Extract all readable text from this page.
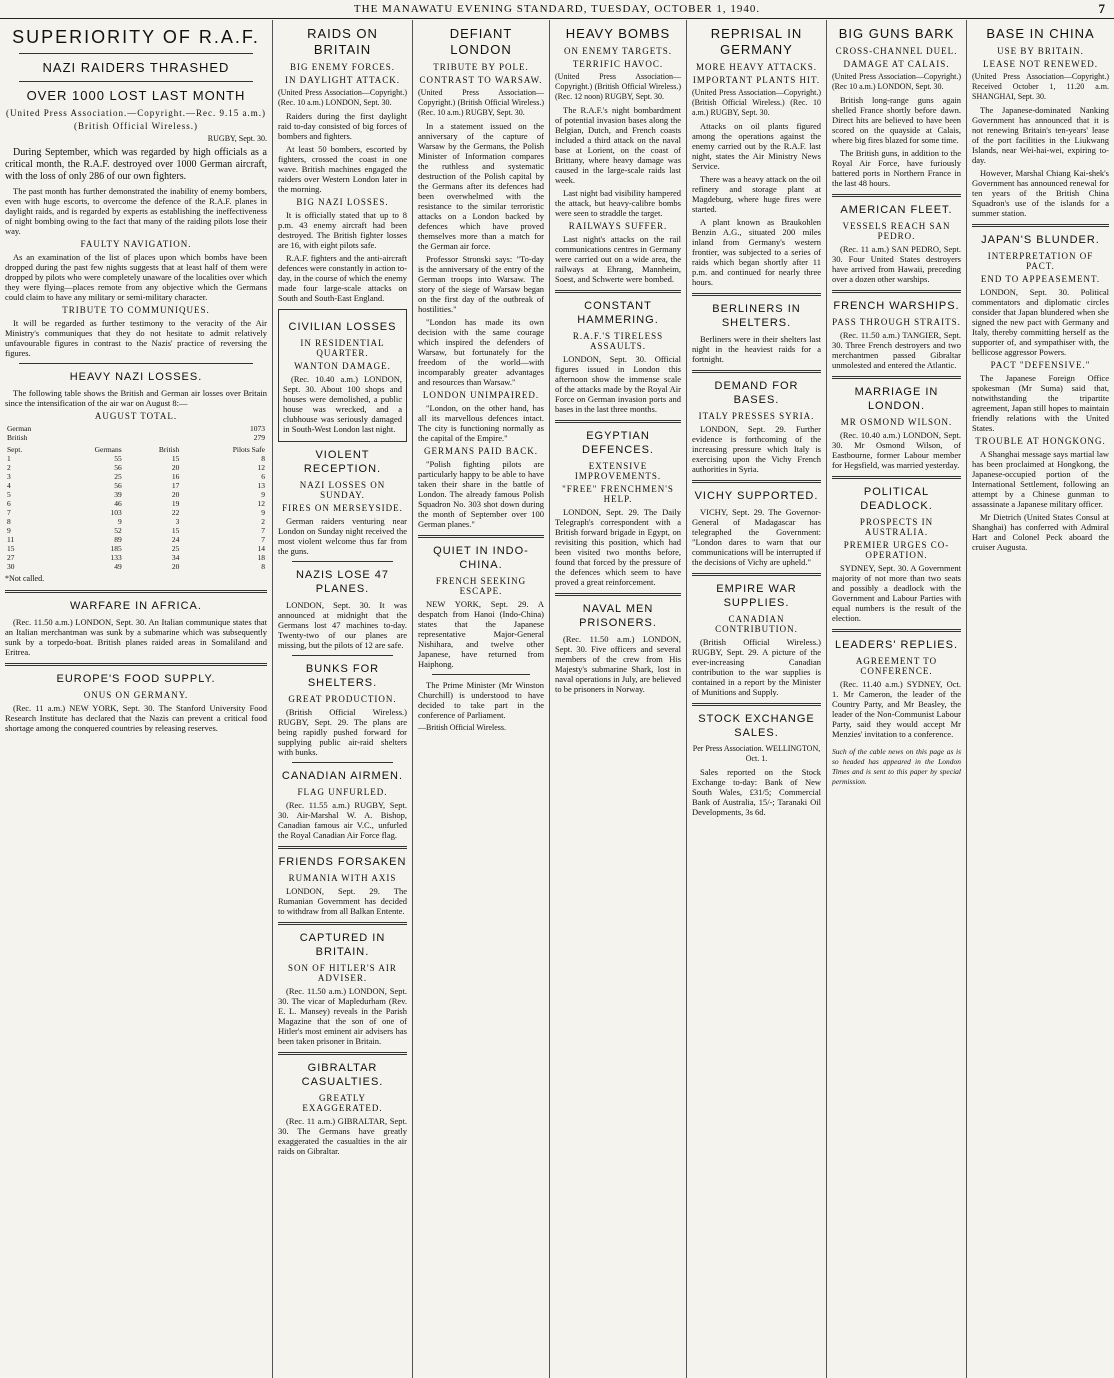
THE MANAWATU EVENING STANDARD, TUESDAY, OCTOBER 1, 1940.	7
SUPERIORITY OF R.A.F.
NAZI RAIDERS THRASHED
OVER 1000 LOST LAST MONTH
(United Press Association.—Copyright.—Rec. 9.15 a.m.)
(British Official Wireless.)
RUGBY, Sept. 30.

During September, which was regarded by high officials as a critical month, the R.A.F. destroyed over 1000 German aircraft, with the loss of only 286 of our own fighters.

The past month has further demonstrated the inability of enemy bombers, even with huge escorts, to overcome the defence of the R.A.F. planes in daylight raids, and is regarded by experts as establishing the ineffectiveness of night bombing owing to the fact that many of the raiding pilots lose their way.

FAULTY NAVIGATION.

As an examination of the list of places upon which bombs have been dropped during the past few nights suggests that at least half of them were dropped by pilots who were completely unaware of the localities over which they were flying—places remote from any objective which the Germans could claim to have any military or semi-military character.

TRIBUTE TO COMMUNIQUES.

It will be regarded as further testimony to the veracity of the Air Ministry's communiques that they do not hesitate to admit relatively unfavourable figures in contrast to the Nazis' practice of reversing the figures.

HEAVY NAZI LOSSES.

The following table shows the British and German air losses over Britain since the intensification of the air war on August 8:—

AUGUST TOTAL.
German	1073
British	279
Sept.	Germans	British	Pilots Safe
1	55	15	8
2	56	20	12
3	25	16	6
4	56	17	13
5	39	20	9
6	46	19	12
7	103	22	9
8	9	3	2
9	52	15	7
11	89	24	7
15	185	25	14
27	133	34	18
30	49	20	8
*Not called.
WARFARE IN AFRICA.

(Rec. 11.50 a.m.) LONDON, Sept. 30. An Italian communique states that an Italian merchantman was sunk by a submarine which was subsequently sunk by a torpedo-boat. British planes raided areas in Somaliland and Eritrea.

EUROPE'S FOOD SUPPLY.
ONUS ON GERMANY.

(Rec. 11 a.m.) NEW YORK, Sept. 30. The Stanford University Food Research Institute has declared that the Nazis can prevent a critical food shortage among the conquered countries by releasing reserves.

RAIDS ON BRITAIN
BIG ENEMY FORCES.
IN DAYLIGHT ATTACK.
(United Press Association—Copyright.) (Rec. 10 a.m.) LONDON, Sept. 30.

Raiders during the first daylight raid to-day consisted of big forces of bombers and fighters.

At least 50 bombers, escorted by fighters, crossed the coast in one wave. British machines engaged the raiders over Western London later in the morning.

BIG NAZI LOSSES.

It is officially stated that up to 8 p.m. 43 enemy aircraft had been destroyed. The British fighter losses are 16, with eight pilots safe.

R.A.F. fighters and the anti-aircraft defences were constantly in action to-day, in the course of which the enemy made four large-scale attacks on South and South-East England.

CIVILIAN LOSSES
IN RESIDENTIAL QUARTER.
WANTON DAMAGE.

(Rec. 10.40 a.m.) LONDON, Sept. 30. About 100 shops and houses were demolished, a public house was wrecked, and a clubhouse was seriously damaged in South-West London last night.

VIOLENT RECEPTION.
NAZI LOSSES ON SUNDAY.
FIRES ON MERSEYSIDE.

German raiders venturing near London on Sunday night received the most violent welcome thus far from the guns.

NAZIS LOSE 47 PLANES.

LONDON, Sept. 30. It was announced at midnight that the Germans lost 47 machines to-day. Twenty-two of our planes are missing, but the pilots of 12 are safe.

BUNKS FOR SHELTERS.
GREAT PRODUCTION.

(British Official Wireless.) RUGBY, Sept. 29. The plans are being rapidly pushed forward for supplying public air-raid shelters with bunks.

CANADIAN AIRMEN.
FLAG UNFURLED.

(Rec. 11.55 a.m.) RUGBY, Sept. 30. Air-Marshal W. A. Bishop, Canadian famous air V.C., unfurled the Royal Canadian Air Force flag.

FRIENDS FORSAKEN
RUMANIA WITH AXIS

LONDON, Sept. 29. The Rumanian Government has decided to withdraw from all Balkan Entente.

CAPTURED IN BRITAIN.
SON OF HITLER'S AIR ADVISER.

(Rec. 11.50 a.m.) LONDON, Sept. 30. The vicar of Mapledurham (Rev. E. L. Mansey) reveals in the Parish Magazine that the son of one of Hitler's most eminent air advisers has been taken prisoner in Britain.

GIBRALTAR CASUALTIES.
GREATLY EXAGGERATED.

(Rec. 11 a.m.) GIBRALTAR, Sept. 30. The Germans have greatly exaggerated the casualties in the air raids on Gibraltar.

DEFIANT LONDON
TRIBUTE BY POLE.
CONTRAST TO WARSAW.
(United Press Association—Copyright.) (British Official Wireless.) (Rec. 10 a.m.) RUGBY, Sept. 30.

In a statement issued on the anniversary of the capture of Warsaw by the Germans, the Polish Minister of Information compares the ruthless and systematic destruction of the Polish capital by the Germans after its defences had been overwhelmed with the resistance to the similar terroristic attacks on a London backed by defences which have proved themselves more than a match for the German air force.

Professor Stronski says: "To-day is the anniversary of the entry of the German troops into Warsaw. The story of the siege of Warsaw began on the first day of the outbreak of hostilities."

"London has made its own decision with the same courage which inspired the defenders of Warsaw, but fortunately for the freedom of the world—with incomparably greater advantages and resources than Warsaw."

LONDON UNIMPAIRED.

"London, on the other hand, has all its marvellous defences intact. The city is functioning normally as the capital of the Empire."

GERMANS PAID BACK.

"Polish fighting pilots are particularly happy to be able to have taken their share in the battle of London. The already famous Polish Squadron No. 303 shot down during the month of September over 100 German planes."

QUIET IN INDO-CHINA.
FRENCH SEEKING ESCAPE.

NEW YORK, Sept. 29. A despatch from Hanoi (Indo-China) states that the Japanese representative Major-General Nishihara, and twelve other Japanese, have returned from Haiphong.

The Prime Minister (Mr Winston Churchill) is understood to have decided to take part in the conference of Parliament.

—British Official Wireless.
HEAVY BOMBS
ON ENEMY TARGETS.
TERRIFIC HAVOC.
(United Press Association—Copyright.) (British Official Wireless.) (Rec. 12 noon) RUGBY, Sept. 30.

The R.A.F.'s night bombardment of potential invasion bases along the Belgian, Dutch, and French coasts included a third attack on the naval base at Lorient, on the coast of Brittany, where heavy damage was caused in the large-scale raids last week.

Last night bad visibility hampered the attack, but heavy-calibre bombs were seen to straddle the target.

RAILWAYS SUFFER.

Last night's attacks on the rail communications centres in Germany were carried out on a wide area, the railways at Ehrang, Mannheim, Soest, and Schwerte were bombed.

CONSTANT HAMMERING.
R.A.F.'S TIRELESS ASSAULTS.

LONDON, Sept. 30. Official figures issued in London this afternoon show the immense scale of the attacks made by the Royal Air Force on German invasion ports and bases in the last three months.

EGYPTIAN DEFENCES.
EXTENSIVE IMPROVEMENTS.
"FREE" FRENCHMEN'S HELP.

LONDON, Sept. 29. The Daily Telegraph's correspondent with a British forward brigade in Egypt, on revisiting this position, which had been visited two months before, found that forced by the pressure of the defences which seem to have proved a great reinforcement.

NAVAL MEN PRISONERS.

(Rec. 11.50 a.m.) LONDON, Sept. 30. Five officers and several members of the crew from His Majesty's submarine Shark, lost in naval operations in July, are believed to be prisoners in Norway.

REPRISAL IN GERMANY
MORE HEAVY ATTACKS.
IMPORTANT PLANTS HIT.
(United Press Association—Copyright.) (British Official Wireless.) (Rec. 10 a.m.) RUGBY, Sept. 30.

Attacks on oil plants figured among the operations against the enemy carried out by the R.A.F. last night, states the Air Ministry News Service.

There was a heavy attack on the oil refinery and storage plant at Magdeburg, where huge fires were started.

A plant known as Braukohlen Benzin A.G., situated 200 miles inland from Germany's western frontier, was subjected to a series of raids which began shortly after 11 p.m. and continued for nearly three hours.

BERLINERS IN SHELTERS.

Berliners were in their shelters last night in the heaviest raids for a fortnight.

DEMAND FOR BASES.
ITALY PRESSES SYRIA.

LONDON, Sept. 29. Further evidence is forthcoming of the increasing pressure which Italy is exercising upon the Vichy French authorities in Syria.

VICHY SUPPORTED.

VICHY, Sept. 29. The Governor-General of Madagascar has telegraphed the Government: "London dares to warn that our communications will be interrupted if the decisions of Vichy are upheld."

EMPIRE WAR SUPPLIES.
CANADIAN CONTRIBUTION.

(British Official Wireless.) RUGBY, Sept. 29. A picture of the ever-increasing Canadian contribution to the war supplies is contained in a report by the Minister of Munitions and Supply.

STOCK EXCHANGE SALES.
Per Press Association. WELLINGTON, Oct. 1.

Sales reported on the Stock Exchange to-day: Bank of New South Wales, £31/5; Commercial Bank of Australia, 15/-; Taranaki Oil Developments, 3s 6d.

BIG GUNS BARK
CROSS-CHANNEL DUEL.
DAMAGE AT CALAIS.
(United Press Association—Copyright.) (Rec 10 a.m.) LONDON, Sept. 30.

British long-range guns again shelled France shortly before dawn. Direct hits are believed to have been scored on the quayside at Calais, where big fires blazed for some time.

The British guns, in addition to the Royal Air Force, have furiously battered ports in Northern France in the last 48 hours.

AMERICAN FLEET.
VESSELS REACH SAN PEDRO.

(Rec. 11 a.m.) SAN PEDRO, Sept. 30. Four United States destroyers have arrived from Hawaii, preceding over a dozen other warships.

FRENCH WARSHIPS.
PASS THROUGH STRAITS.

(Rec. 11.50 a.m.) TANGIER, Sept. 30. Three French destroyers and two merchantmen passed Gibraltar unmolested and entered the Atlantic.

MARRIAGE IN LONDON.
MR OSMOND WILSON.

(Rec. 10.40 a.m.) LONDON, Sept. 30. Mr Osmond Wilson, of Eastbourne, former Labour member for Hegsfield, was married yesterday.

POLITICAL DEADLOCK.
PROSPECTS IN AUSTRALIA.
PREMIER URGES CO-OPERATION.

SYDNEY, Sept. 30. A Government majority of not more than two seats and possibly a deadlock with the Government and Labour Parties with equal numbers is the result of the election.

LEADERS' REPLIES.
AGREEMENT TO CONFERENCE.

(Rec. 11.40 a.m.) SYDNEY, Oct. 1. Mr Cameron, the leader of the Country Party, and Mr Beasley, the leader of the Non-Communist Labour Party, said they would accept Mr Menzies' invitation to a conference.

Such of the cable news on this page as is so headed has appeared in the London Times and is sent to this paper by special permission.
BASE IN CHINA
USE BY BRITAIN.
LEASE NOT RENEWED.
(United Press Association—Copyright.) Received October 1, 11.20 a.m. SHANGHAI, Sept. 30.

The Japanese-dominated Nanking Government has announced that it is not renewing Britain's ten-years' lease of the port facilities in the Liukwang Islands, near Wei-hai-wei, expiring to-day.

However, Marshal Chiang Kai-shek's Government has announced renewal for ten years of the British China Squadron's use of the islands for a summer station.

JAPAN'S BLUNDER.
INTERPRETATION OF PACT.
END TO APPEASEMENT.

LONDON, Sept. 30. Political commentators and diplomatic circles consider that Japan blundered when she signed the new pact with Germany and Italy, thereby committing herself as the supporter of, and sympathiser with, the bellicose aggressor Powers.

PACT "DEFENSIVE."

The Japanese Foreign Office spokesman (Mr Suma) said that, notwithstanding the tripartite agreement, Japan still hopes to maintain friendly relations with the United States.

TROUBLE AT HONGKONG.

A Shanghai message says martial law has been proclaimed at Hongkong, the Japanese-occupied portion of the International Settlement, following an attempt by a Chinese gunman to assassinate a Japanese military officer.

Mr Dietrich (United States Consul at Shanghai) has conferred with Admiral Hart and Colonel Peck aboard the cruiser Augusta.
